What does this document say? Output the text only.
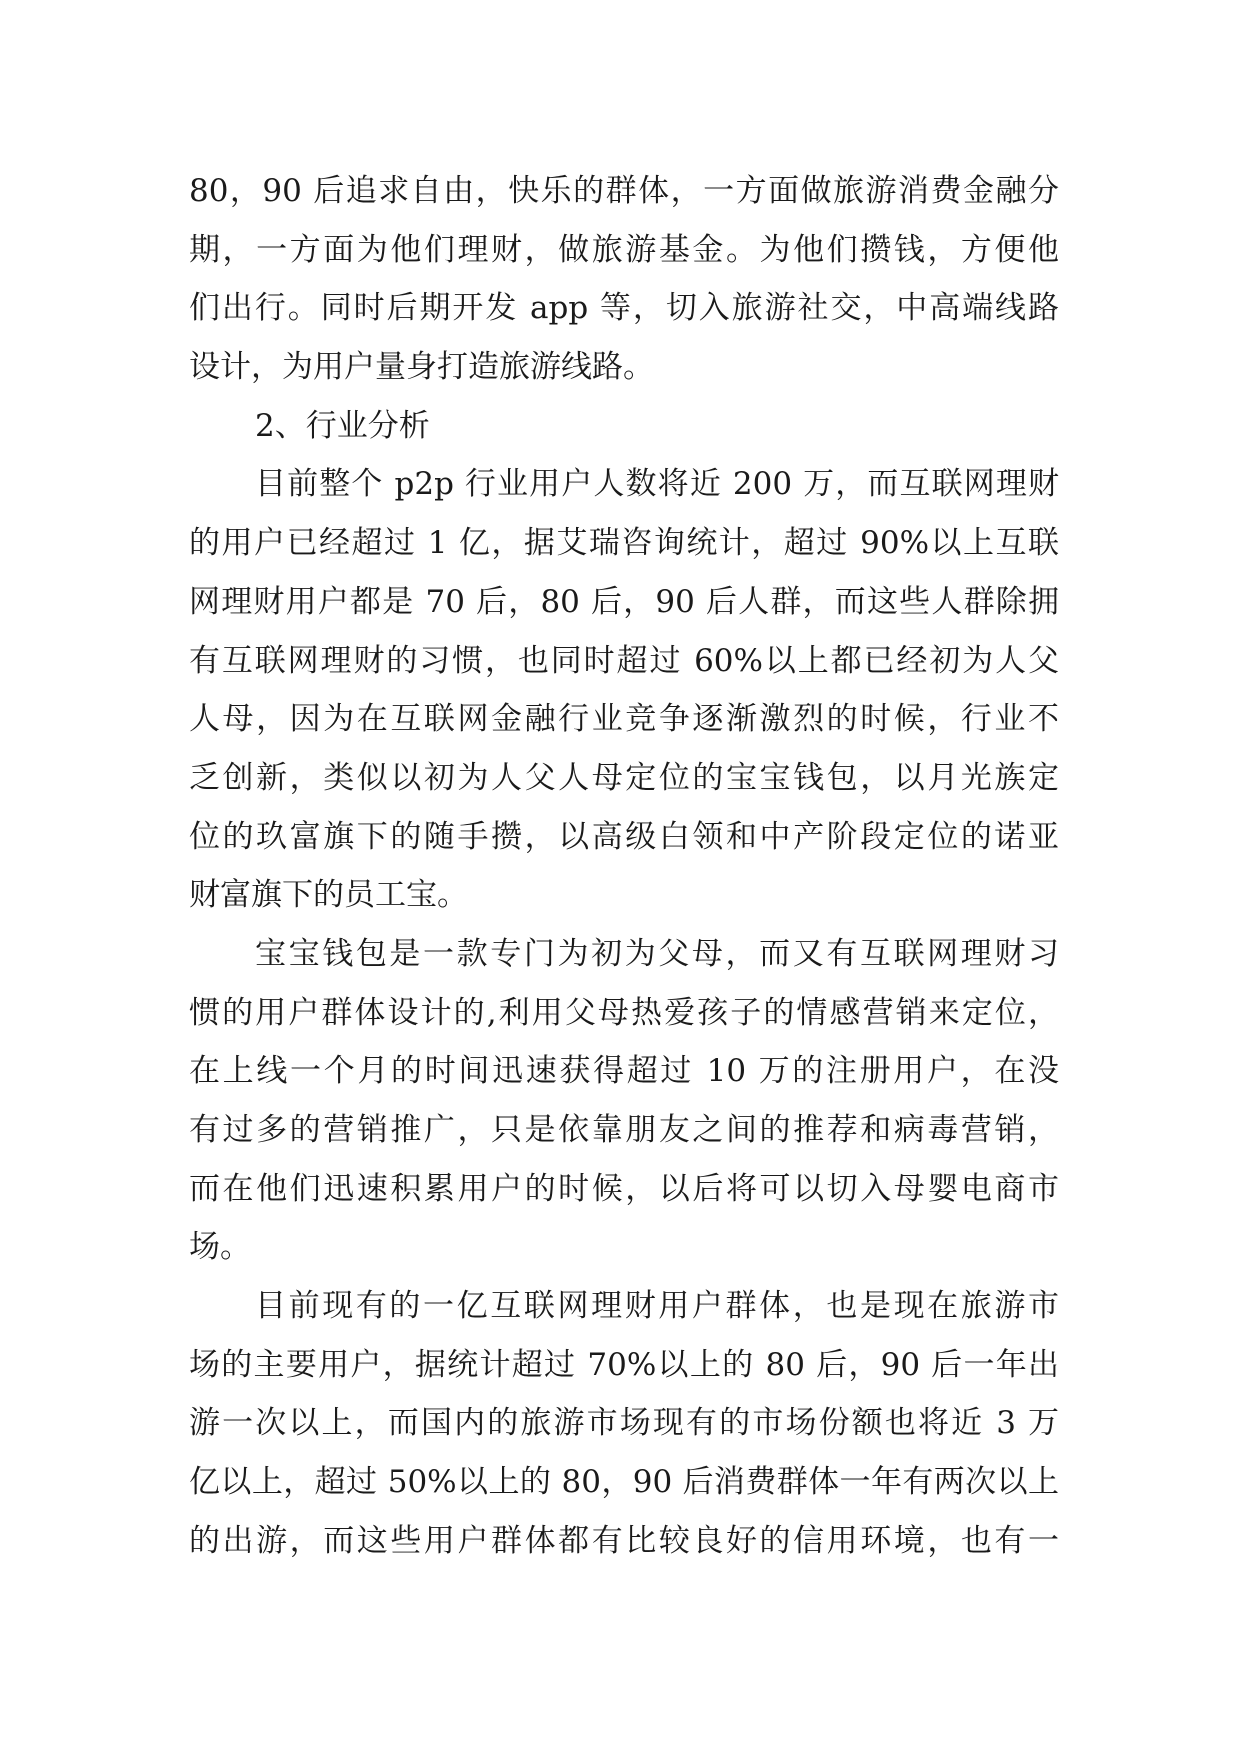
80，90 后追求自由，快乐的群体，一方面做旅游消费金融分
期，一方面为他们理财，做旅游基金。为他们攒钱，方便他
们出行。同时后期开发 app 等，切入旅游社交，中高端线路
设计，为用户量身打造旅游线路。
2、行业分析
目前整个 p2p 行业用户人数将近 200 万，而互联网理财
的用户已经超过 1 亿，据艾瑞咨询统计，超过 90%以上互联
网理财用户都是 70 后，80 后，90 后人群，而这些人群除拥
有互联网理财的习惯，也同时超过 60%以上都已经初为人父
人母，因为在互联网金融行业竞争逐渐激烈的时候，行业不
乏创新，类似以初为人父人母定位的宝宝钱包，以月光族定
位的玖富旗下的随手攒，以高级白领和中产阶段定位的诺亚
财富旗下的员工宝。
宝宝钱包是一款专门为初为父母，而又有互联网理财习
惯的用户群体设计的,利用父母热爱孩子的情感营销来定位，
在上线一个月的时间迅速获得超过 10 万的注册用户，在没
有过多的营销推广，只是依靠朋友之间的推荐和病毒营销，
而在他们迅速积累用户的时候，以后将可以切入母婴电商市
场。
目前现有的一亿互联网理财用户群体，也是现在旅游市
场的主要用户，据统计超过 70%以上的 80 后，90 后一年出
游一次以上，而国内的旅游市场现有的市场份额也将近 3 万
亿以上，超过 50%以上的 80，90 后消费群体一年有两次以上
的出游，而这些用户群体都有比较良好的信用环境，也有一
